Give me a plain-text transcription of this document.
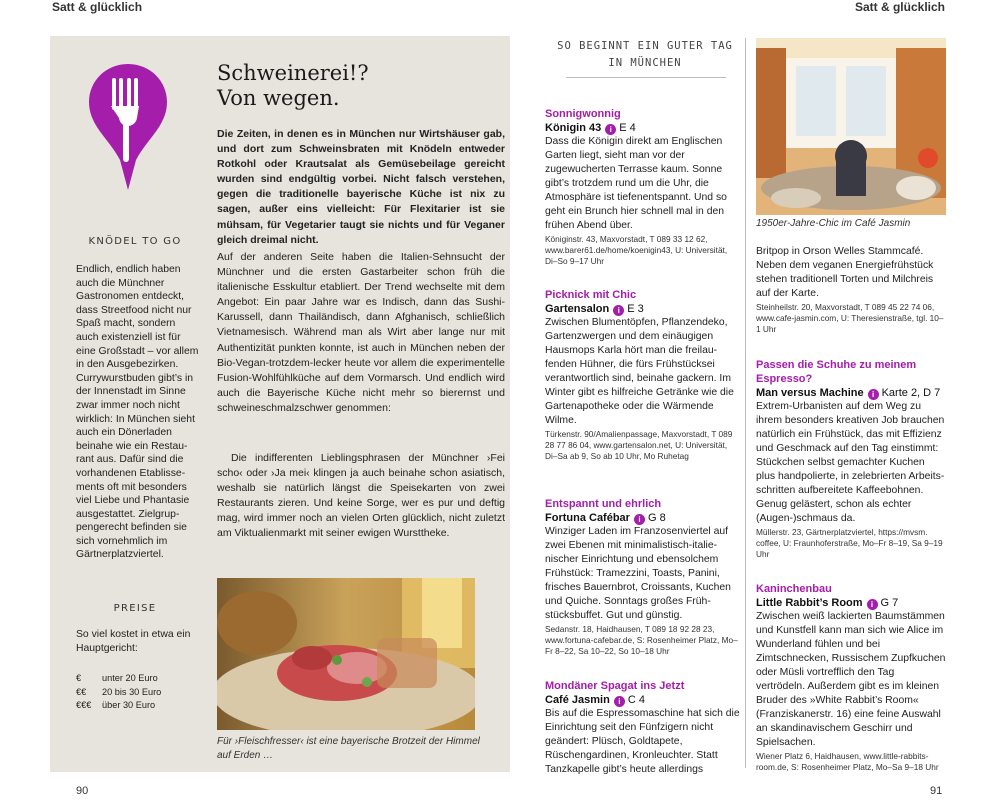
Satt & glücklich	Satt & glücklich
KNÖDEL TO GO
Endlich, endlich haben auch die Münchner Gastronomen entdeckt, dass Streetfood nicht nur Spaß macht, sondern auch existenziell ist für eine Großstadt – vor allem in den Ausgebezirken. Currywurstbuden gibt’s in der Innenstadt im Sinne zwar immer noch nicht wirklich: In München sieht auch ein Dönerladen beinahe wie ein Restaurant aus. Dafür sind die vorhandenen Etablissements oft mit besonders viel Liebe und Phantasie ausgestattet. Zielgruppengerecht befinden sie sich vornehmlich im Gärtnerplatzviertel.
PREISE
So viel kostet in etwa ein Hauptgericht:
€	unter 20 Euro
€€	20 bis 30 Euro
€€€	über 30 Euro
Schweinerei!?
Von wegen.
Die Zeiten, in denen es in München nur Wirtshäuser gab, und dort zum Schweinsbraten mit Knödeln entweder Rotkohl oder Krautsalat als Gemüsebeilage gereicht wurden sind endgültig vorbei. Nicht falsch verstehen, gegen die traditionelle bayerische Küche ist nix zu sagen, außer eins vielleicht: Für Flexitarier ist sie mühsam, für Vegetarier taugt sie nichts und für Veganer gleich dreimal nicht.
Auf der anderen Seite haben die Italien-Sehnsucht der Münchner und die ersten Gastarbeiter schon früh die italienische Esskultur etabliert. Der Trend wechselte mit dem Angebot: Ein paar Jahre war es Indisch, dann das Sushi-Karussell, dann Thailändisch, dann Afghanisch, schließlich Vietnamesisch. Während man als Wirt aber lange nur mit Authentizität punkten konnte, ist auch in München neben der Bio-Vegan-trotzdem-lecker heute vor allem die experimentelle Fusion-Wohlfühlküche auf dem Vormarsch. Und endlich wird auch die Bayerische Küche nicht mehr so bierernst und schweineschmalzschwer genommen:
Die indifferenten Lieblingsphrasen der Münchner ›Fei scho‹ oder ›Ja mei‹ klingen ja auch beinahe schon asiatisch, weshalb sie natürlich längst die Speisekarten von zwei Restaurants zieren. Und keine Sorge, wer es pur und deftig mag, wird immer noch an vielen Orten glücklich, nicht zuletzt am Viktualienmarkt mit seiner ewigen Wursttheke.
Für ›Fleischfresser‹ ist eine bayerische Brotzeit der Himmel auf Erden …
90
SO BEGINNT EIN GUTER TAG
IN MÜNCHEN
Sonnigwonnig
Königin 43 i E 4
Dass die Königin direkt am Englischen Garten liegt, sieht man vor der zugewucherten Terrasse kaum. Sonne gibt’s trotzdem rund um die Uhr, die Atmosphäre ist tiefenentspannt. Und so geht ein Brunch hier schnell mal in den frühen Abend über.
Königinstr. 43, Maxvorstadt, T 089 33 12 62, www.barer61.de/home/koenigin43, U: Universität, Di–So 9–17 Uhr
Picknick mit Chic
Gartensalon i E 3
Zwischen Blumentöpfen, Pflanzendeko, Gartenzwergen und dem einäugigen Hausmops Karla hört man die freilaufenden Hühner, die fürs Frühstücksei verantwortlich sind, beinahe gackern. Im Winter gibt es hilfreiche Getränke wie die Gartenapotheke oder die Wärmende Wilme.
Türkenstr. 90/Amalienpassage, Maxvorstadt, T 089 28 77 86 04, www.gartensalon.net, U: Universität, Di–Sa ab 9, So ab 10 Uhr, Mo Ruhetag
Entspannt und ehrlich
Fortuna Cafébar i G 8
Winziger Laden im Franzosenviertel auf zwei Ebenen mit minimalistisch-italienischer Einrichtung und ebensolchem Frühstück: Tramezzini, Toasts, Panini, frisches Bauernbrot, Croissants, Kuchen und Quiche. Sonntags großes Frühstücksbuffet. Gut und günstig.
Sedanstr. 18, Haidhausen, T 089 18 92 28 23, www.fortuna-cafebar.de, S: Rosenheimer Platz, Mo–Fr 8–22, Sa 10–22, So 10–18 Uhr
Mondäner Spagat ins Jetzt
Café Jasmin i C 4
Bis auf die Espressomaschine hat sich die Einrichtung seit den Fünfzigern nicht geändert: Plüsch, Goldtapete, Rüschengardinen, Kronleuchter. Statt Tanzkapelle gibt’s heute allerdings
1950er-Jahre-Chic im Café Jasmin
Britpop in Orson Welles Stammcafé. Neben dem veganen Energiefrühstück stehen traditionell Torten und Milchreis auf der Karte.
Steinheilstr. 20, Maxvorstadt, T 089 45 22 74 06, www.cafe-jasmin.com, U: Theresienstraße, tgl. 10–1 Uhr
Passen die Schuhe zu meinem Espresso?
Man versus Machine i Karte 2, D 7
Extrem-Urbanisten auf dem Weg zu ihrem besonders kreativen Job brauchen natürlich ein Frühstück, das mit Effizienz und Geschmack auf den Tag einstimmt: Stückchen selbst gemachter Kuchen plus handpolierte, in zelebrierten Arbeitsschritten aufbereitete Kaffeebohnen. Genug gelästert, schon als echter (Augen-)schmaus da.
Müllerstr. 23, Gärtnerplatzviertel, https://mvsm. coffee, U: Fraunhoferstraße, Mo–Fr 8–19, Sa 9–19 Uhr
Kaninchenbau
Little Rabbit’s Room i G 7
Zwischen weiß lackierten Baumstämmen und Kunstfell kann man sich wie Alice im Wunderland fühlen und bei Zimtschnecken, Russischem Zupfkuchen oder Müsli vortrefflich den Tag vertrödeln. Außerdem gibt es im kleinen Bruder des »White Rabbit’s Room« (Franziskanerstr. 16) eine feine Auswahl an skandinavischem Geschirr und Spielsachen.
Wiener Platz 6, Haidhausen, www.little-rabbitsroom.de, S: Rosenheimer Platz, Mo–Sa 9–18 Uhr
91
